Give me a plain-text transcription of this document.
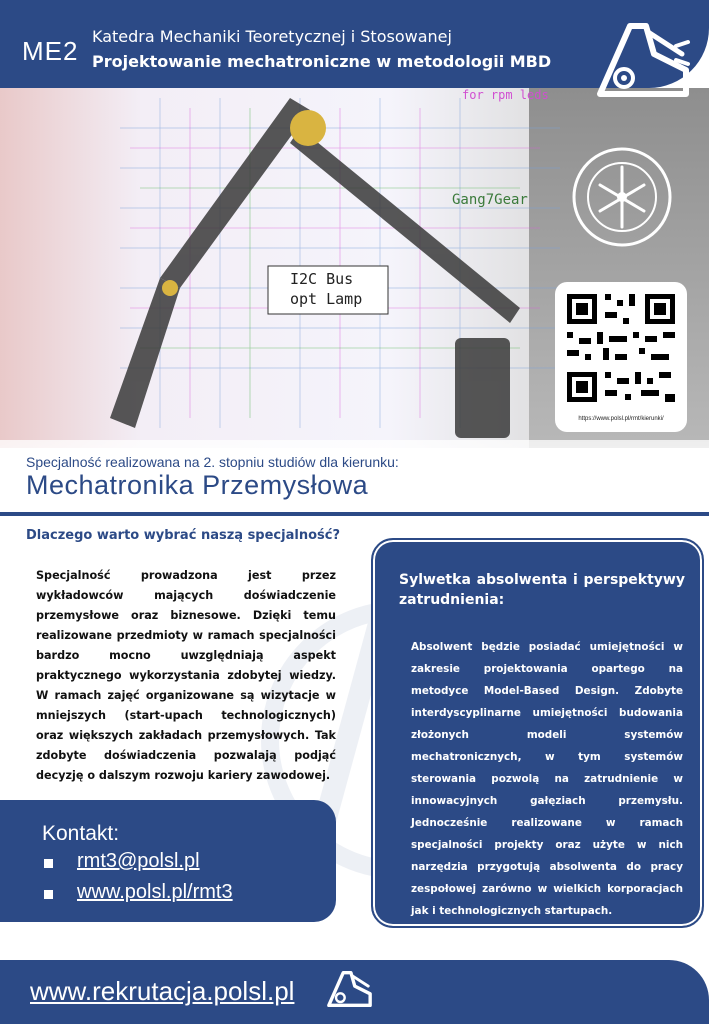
ME2 Katedra Mechaniki Teoretycznej i Stosowanej
Projektowanie mechatroniczne w metodologii MBD
I2C Bus
opt Lamp
for rpm leds
Gang7Gear
https://www.polsl.pl/rmt/kierunki/
Specjalność realizowana na 2. stopniu studiów dla kierunku:
Mechatronika Przemysłowa
Dlaczego warto wybrać naszą specjalność?

Specjalność prowadzona jest przez wykładowców mających doświadczenie przemysłowe oraz biznesowe. Dzięki temu realizowane przedmioty w ramach specjalności bardzo mocno uwzględniają aspekt praktycznego wykorzystania zdobytej wiedzy. W ramach zajęć organizowane są wizytacje w mniejszych (start-upach technologicznych) oraz większych zakładach przemysłowych. Tak zdobyte doświadczenia pozwalają podjąć decyzję o dalszym rozwoju kariery zawodowej.

Sylwetka absolwenta i perspektywy zatrudnienia:

Absolwent będzie posiadać umiejętności w zakresie projektowania opartego na metodyce Model-Based Design. Zdobyte interdyscyplinarne umiejętności budowania złożonych modeli systemów mechatronicznych, w tym systemów sterowania pozwolą na zatrudnienie w innowacyjnych gałęziach przemysłu. Jednocześnie realizowane w ramach specjalności projekty oraz użyte w nich narzędzia przygotują absolwenta do pracy zespołowej zarówno w wielkich korporacjach jak i technologicznych startupach.

Kontakt:
rmt3@polsl.pl
www.polsl.pl/rmt3
www.rekrutacja.polsl.pl
